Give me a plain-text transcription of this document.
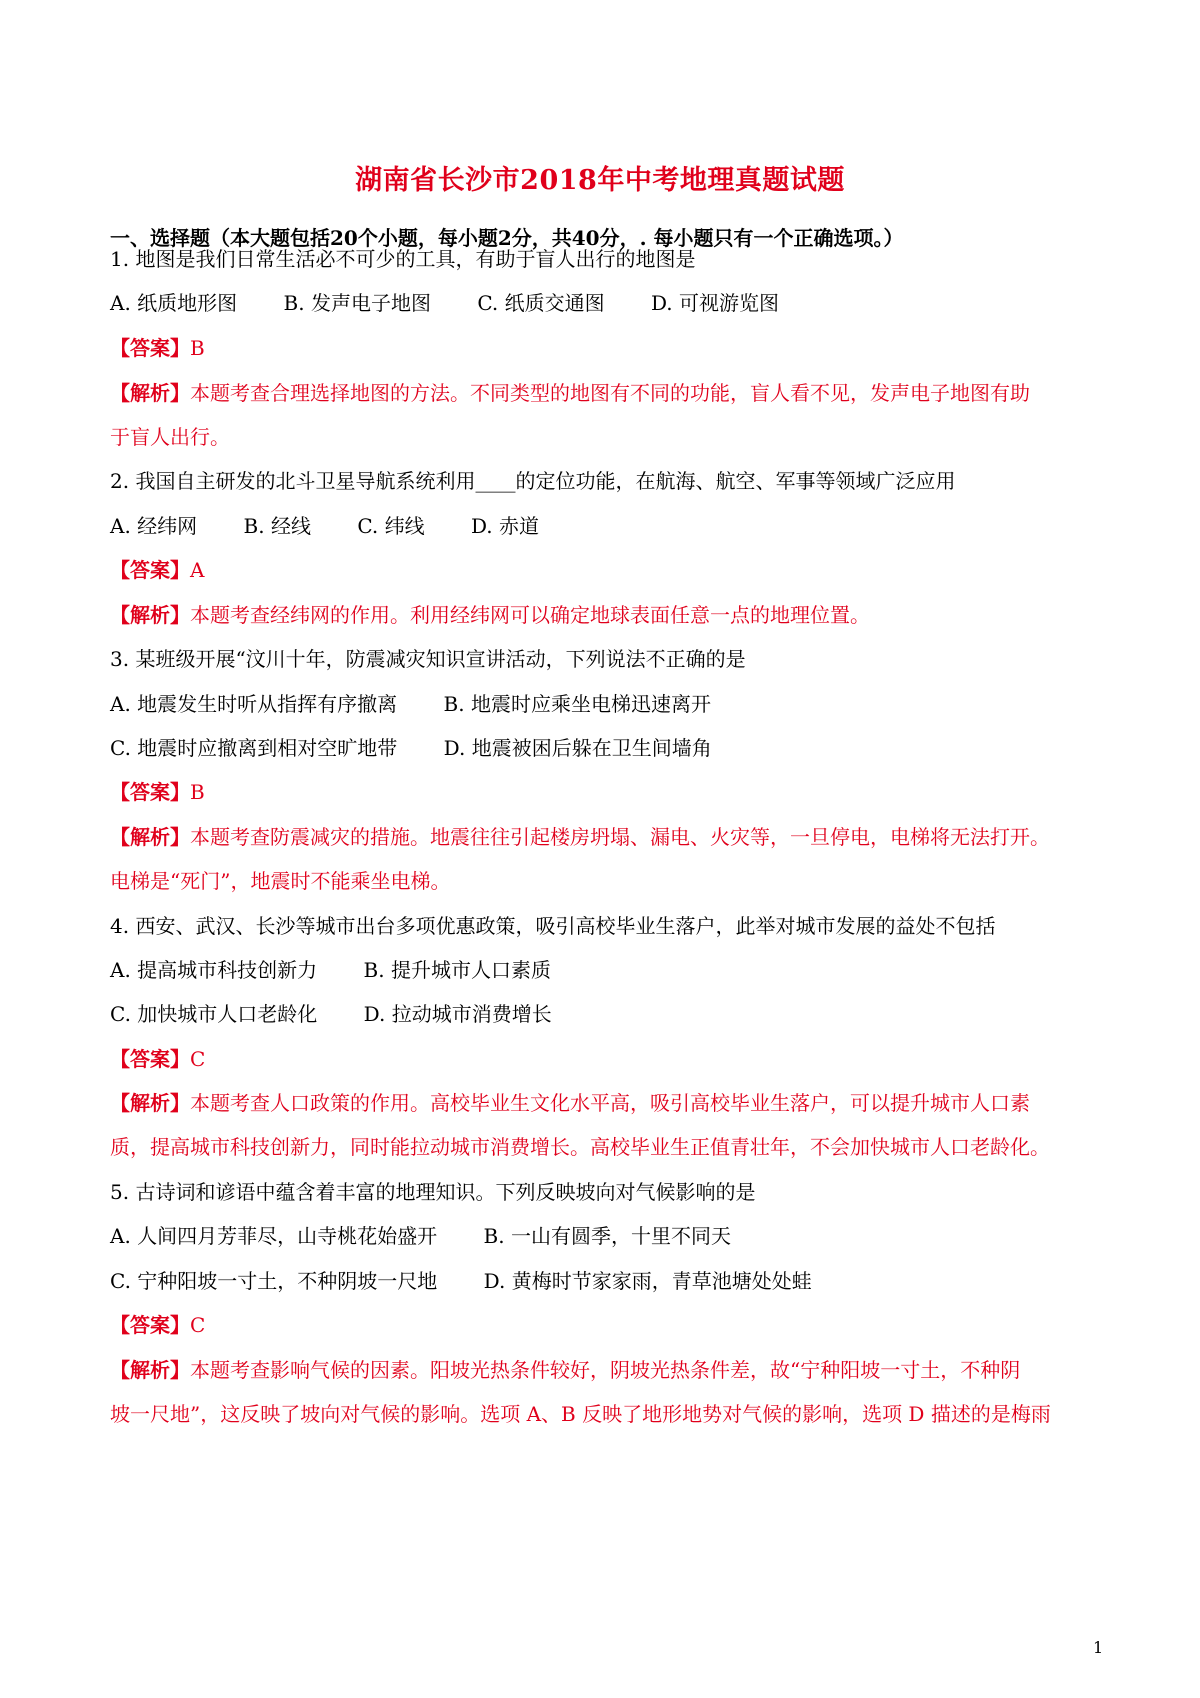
湖南省长沙市2018年中考地理真题试题
一、选择题（本大题包括20个小题，每小题2分，共40分，. 每小题只有一个正确选项。）
1. 地图是我们日常生活必不可少的工具，有助于盲人出行的地图是
A. 纸质地形图 B. 发声电子地图 C. 纸质交通图 D. 可视游览图
【答案】B
【解析】本题考查合理选择地图的方法。不同类型的地图有不同的功能，盲人看不见，发声电子地图有助
于盲人出行。
2. 我国自主研发的北斗卫星导航系统利用____的定位功能，在航海、航空、军事等领域广泛应用
A. 经纬网 B. 经线 C. 纬线 D. 赤道
【答案】A
【解析】本题考查经纬网的作用。利用经纬网可以确定地球表面任意一点的地理位置。
3. 某班级开展“汶川十年，防震减灾知识宣讲活动，下列说法不正确的是
A. 地震发生时听从指挥有序撤离 B. 地震时应乘坐电梯迅速离开
C. 地震时应撤离到相对空旷地带 D. 地震被困后躲在卫生间墙角
【答案】B
【解析】本题考查防震减灾的措施。地震往往引起楼房坍塌、漏电、火灾等，一旦停电，电梯将无法打开。
电梯是“死门”，地震时不能乘坐电梯。
4. 西安、武汉、长沙等城市出台多项优惠政策，吸引高校毕业生落户，此举对城市发展的益处不包括
A. 提高城市科技创新力 B. 提升城市人口素质
C. 加快城市人口老龄化 D. 拉动城市消费增长
【答案】C
【解析】本题考查人口政策的作用。高校毕业生文化水平高，吸引高校毕业生落户，可以提升城市人口素
质，提高城市科技创新力，同时能拉动城市消费增长。高校毕业生正值青壮年，不会加快城市人口老龄化。
5. 古诗词和谚语中蕴含着丰富的地理知识。下列反映坡向对气候影响的是
A. 人间四月芳菲尽，山寺桃花始盛开 B. 一山有圆季，十里不同天
C. 宁种阳坡一寸土，不种阴坡一尺地 D. 黄梅时节家家雨，青草池塘处处蛙
【答案】C
【解析】本题考查影响气候的因素。阳坡光热条件较好，阴坡光热条件差，故“宁种阳坡一寸土，不种阴
坡一尺地”，这反映了坡向对气候的影响。选项 A、B 反映了地形地势对气候的影响，选项 D 描述的是梅雨
1
